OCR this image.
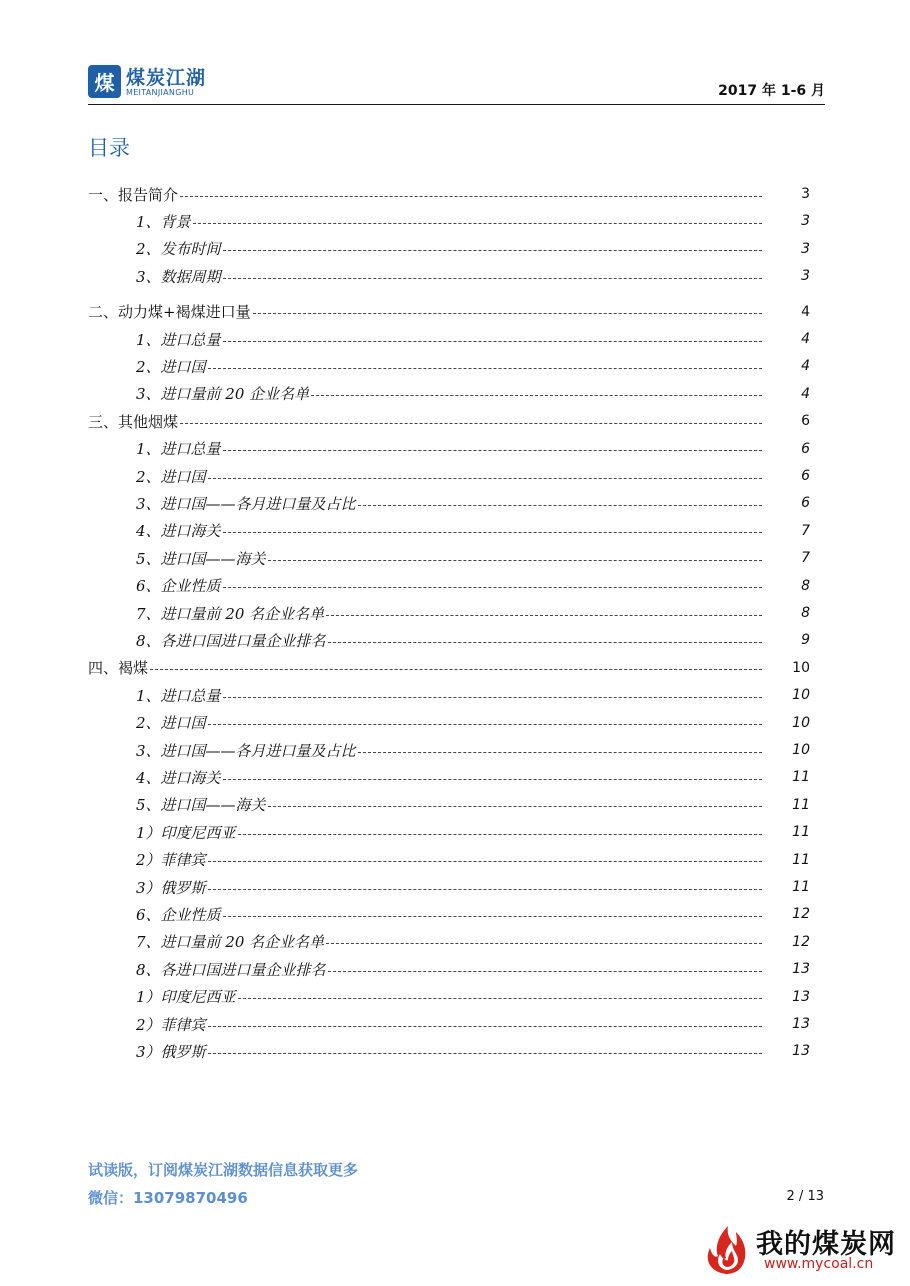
煤 煤炭江湖
MEITANJIANGHU	2017 年 1-6 月
目录
一、报告简介	3
1、背景	3
2、发布时间	3
3、数据周期	3
二、动力煤+褐煤进口量	4
1、进口总量	4
2、进口国	4
3、进口量前 20 企业名单	4
三、其他烟煤	6
1、进口总量	6
2、进口国	6
3、进口国——各月进口量及占比	6
4、进口海关	7
5、进口国——海关	7
6、企业性质	8
7、进口量前 20 名企业名单	8
8、各进口国进口量企业排名	9
四、褐煤	10
1、进口总量	10
2、进口国	10
3、进口国——各月进口量及占比	10
4、进口海关	11
5、进口国——海关	11
1）印度尼西亚	11
2）菲律宾	11
3）俄罗斯	11
6、企业性质	12
7、进口量前 20 名企业名单	12
8、各进口国进口量企业排名	13
1）印度尼西亚	13
2）菲律宾	13
3）俄罗斯	13
试读版，订阅煤炭江湖数据信息获取更多
微信：13079870496	2 / 13
我的煤炭网
www.mycoal.cn
